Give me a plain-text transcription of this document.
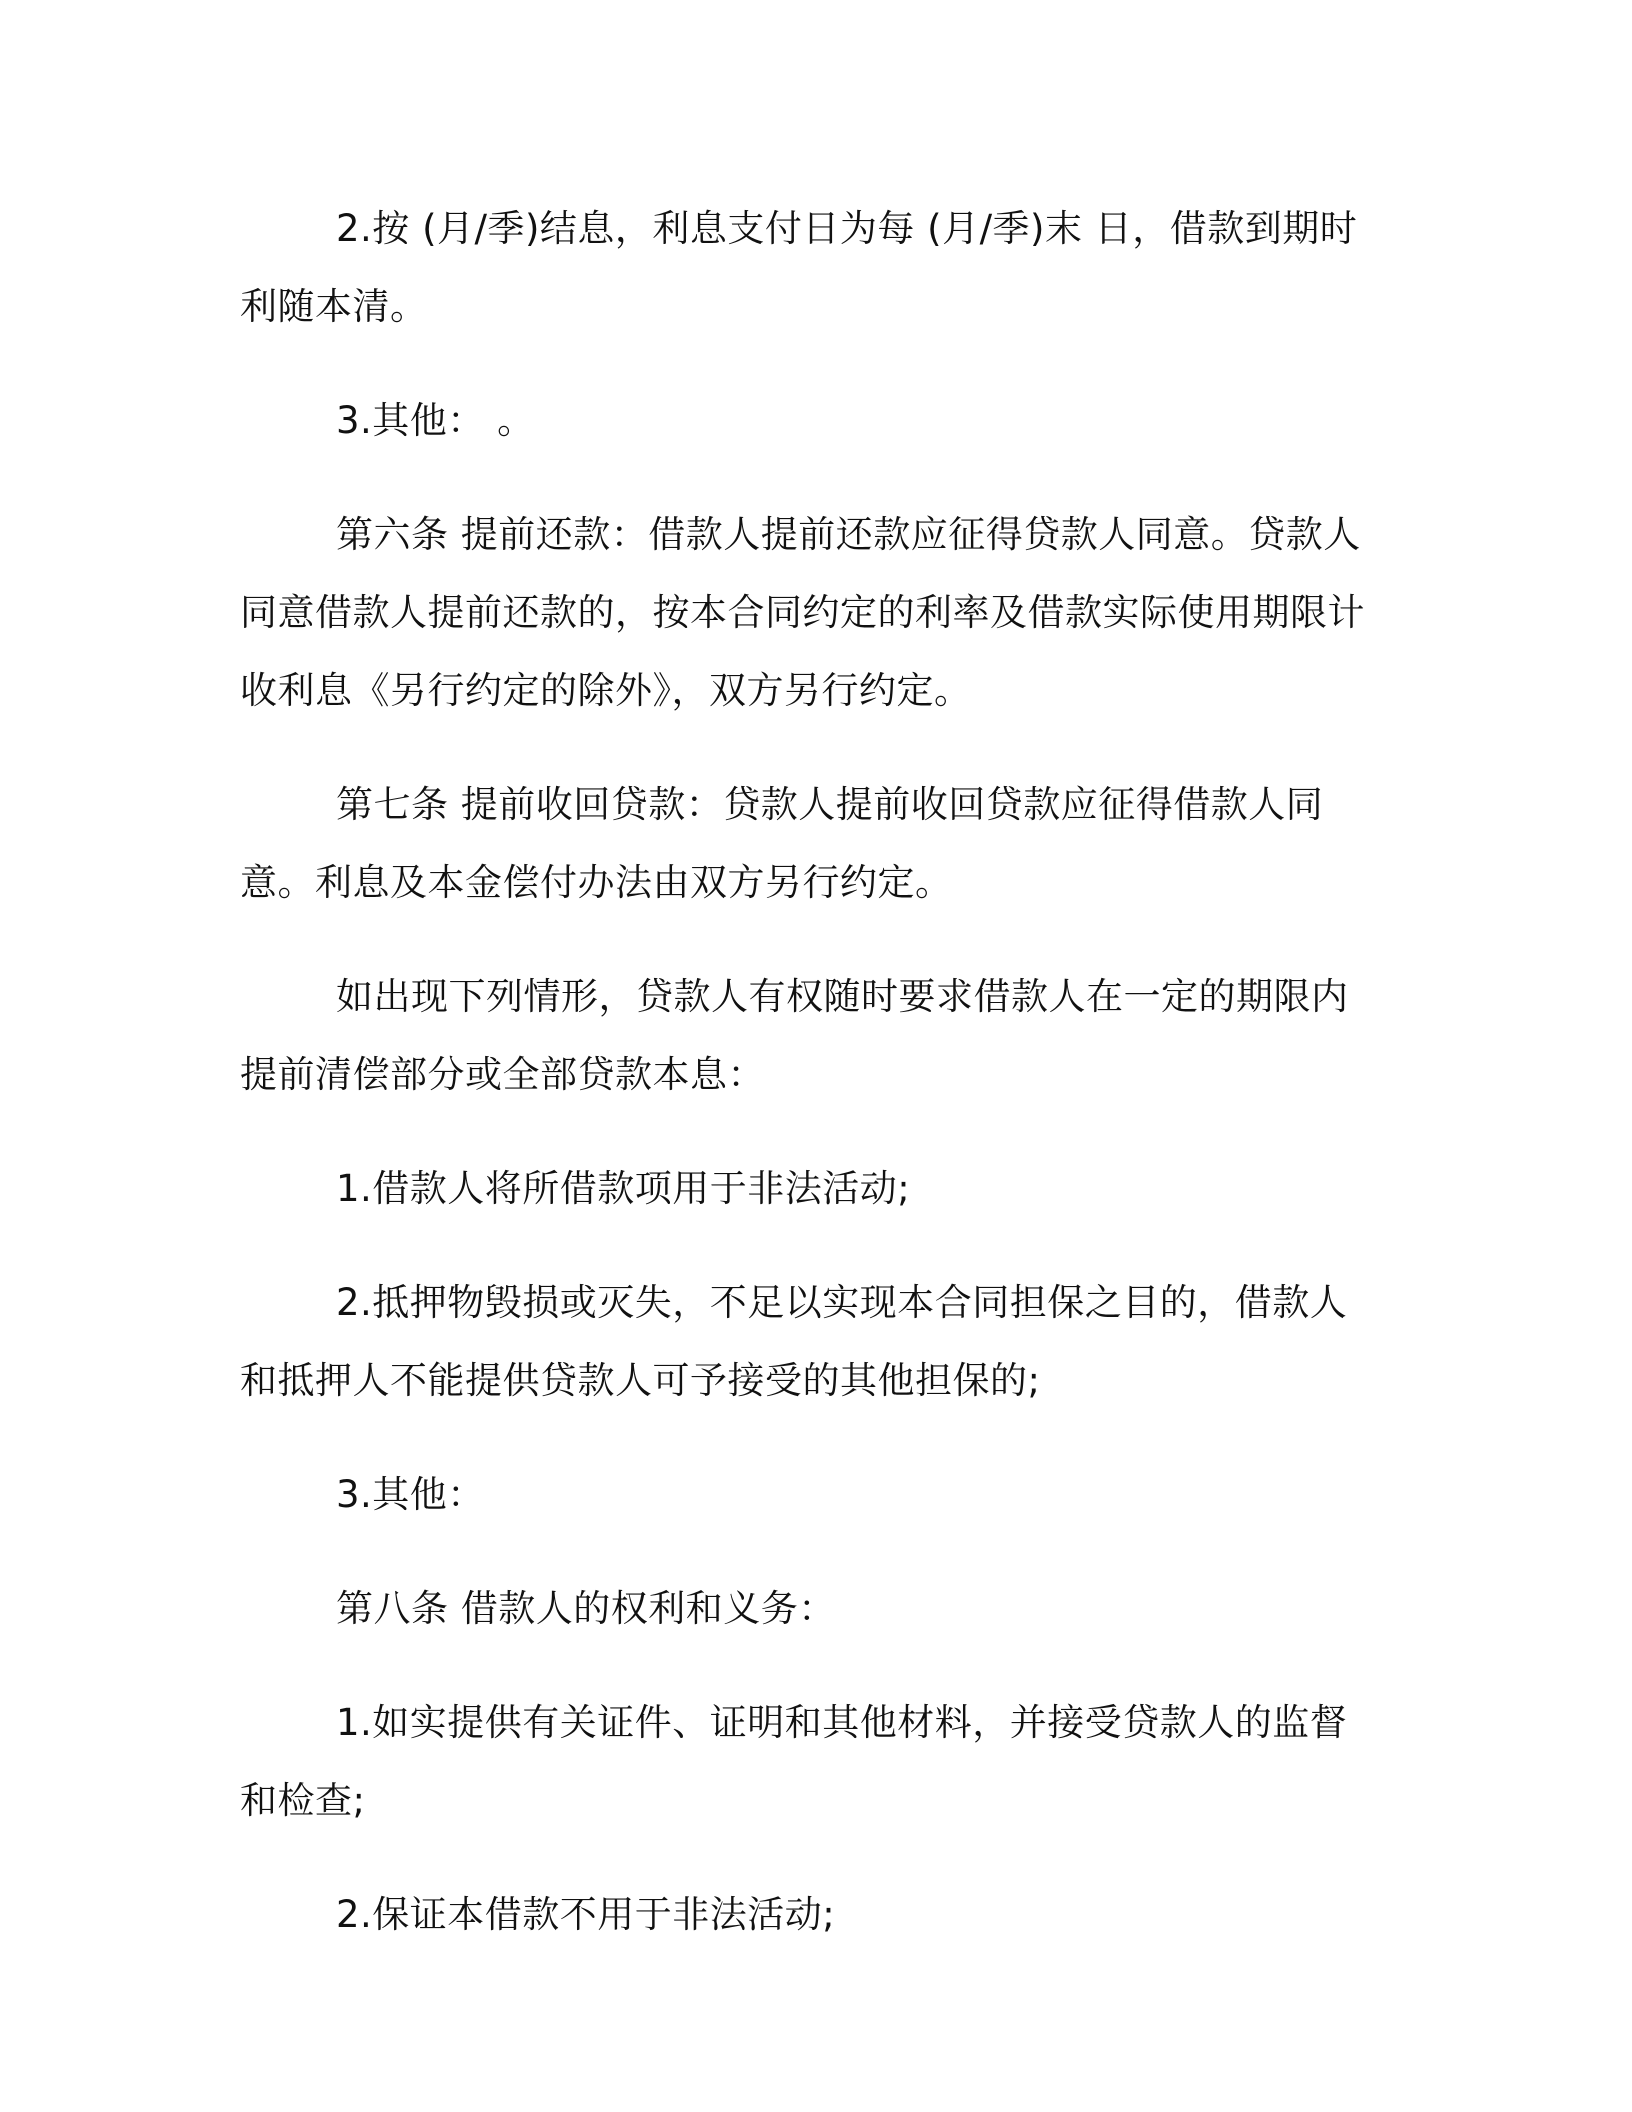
2.按 (月/季)结息，利息支付日为每 (月/季)末 日，借款到期时利随本清。

3.其他： 。

第六条 提前还款：借款人提前还款应征得贷款人同意。贷款人同意借款人提前还款的，按本合同约定的利率及借款实际使用期限计收利息《另行约定的除外》，双方另行约定。

第七条 提前收回贷款：贷款人提前收回贷款应征得借款人同意。利息及本金偿付办法由双方另行约定。

如出现下列情形，贷款人有权随时要求借款人在一定的期限内提前清偿部分或全部贷款本息：

1.借款人将所借款项用于非法活动;

2.抵押物毁损或灭失，不足以实现本合同担保之目的，借款人和抵押人不能提供贷款人可予接受的其他担保的;

3.其他：

第八条 借款人的权利和义务：

1.如实提供有关证件、证明和其他材料，并接受贷款人的监督和检查;

2.保证本借款不用于非法活动;
